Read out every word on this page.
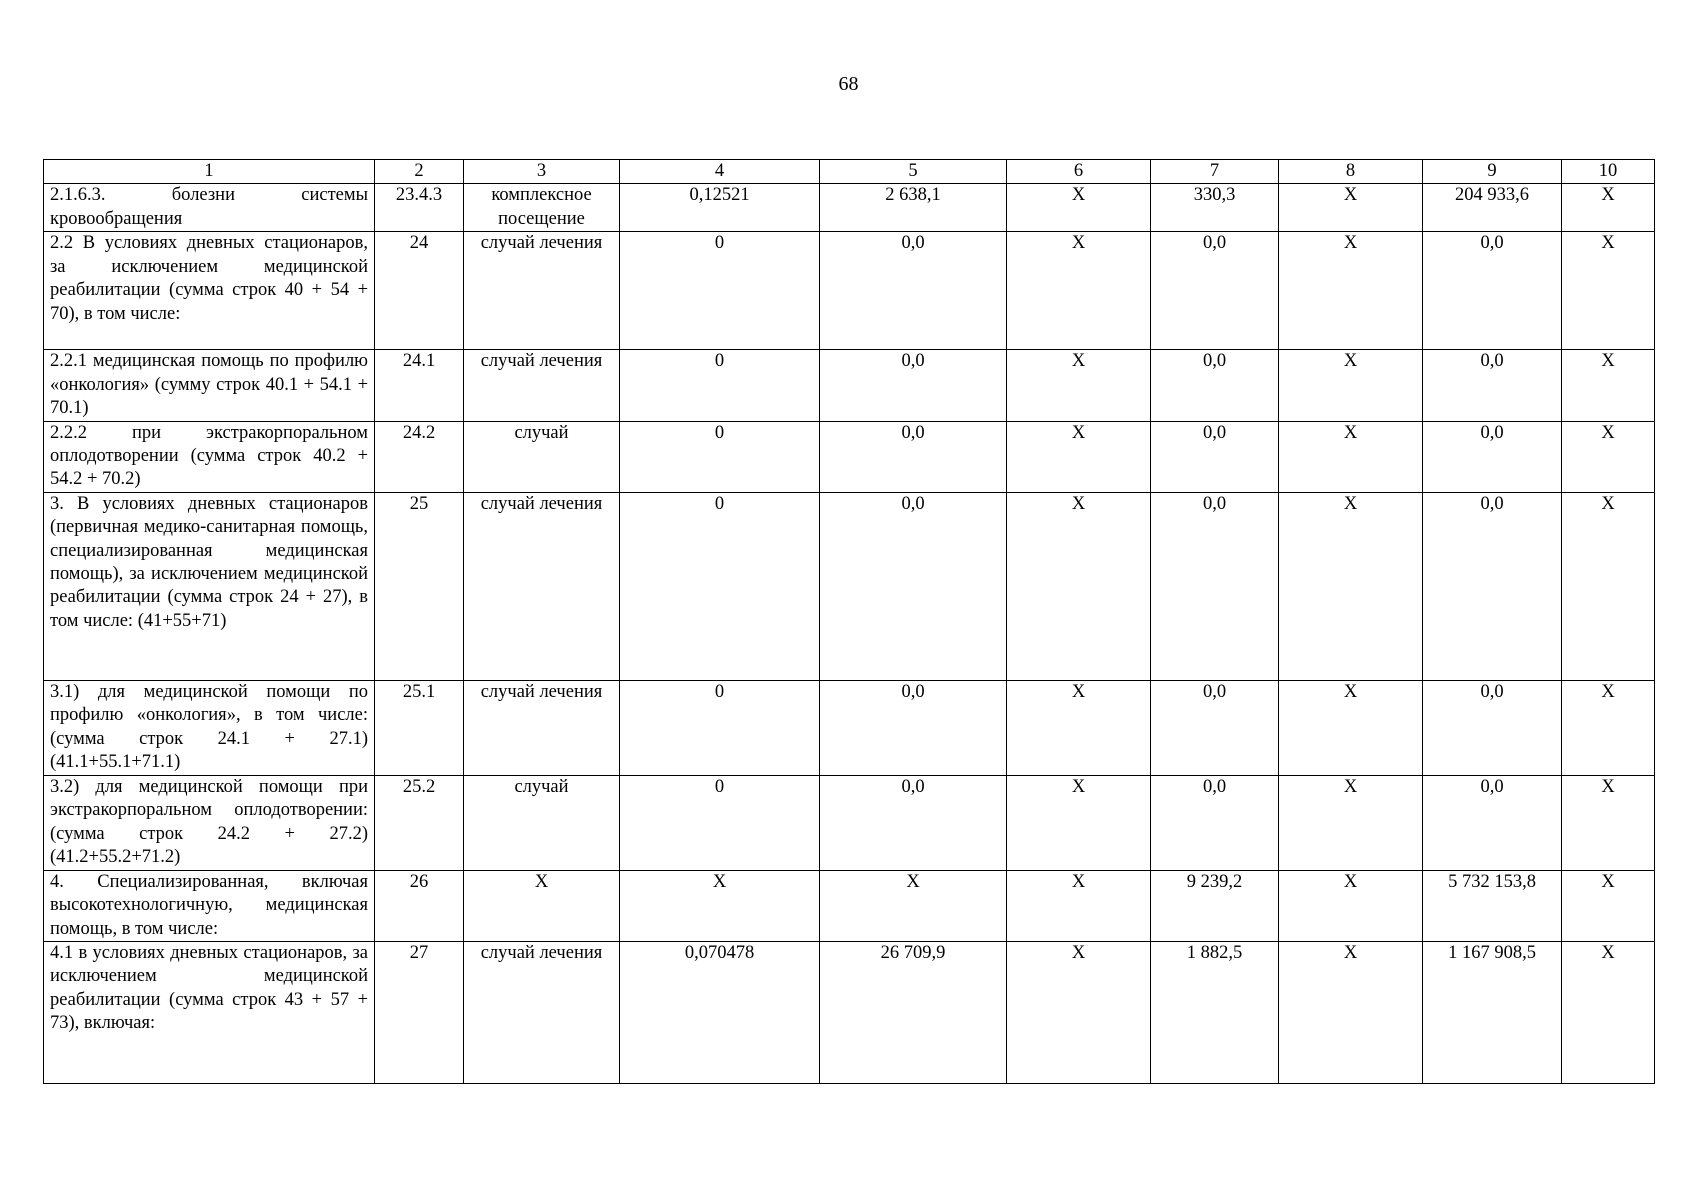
68
1	2	3	4	5	6	7	8	9	10
2.1.6.3. болезни системы кровообращения	23.4.3	комплексное посещение	0,12521	2 638,1	Х	330,3	Х	204 933,6	Х
2.2 В условиях дневных стационаров, за исключением медицинской реабилитации (сумма строк 40 + 54 + 70), в том числе:	24	случай лечения	0	0,0	Х	0,0	Х	0,0	Х
2.2.1 медицинская помощь по профилю «онкология» (сумму строк 40.1 + 54.1 + 70.1)	24.1	случай лечения	0	0,0	Х	0,0	Х	0,0	Х
2.2.2 при экстракорпоральном оплодотворении (сумма строк 40.2 + 54.2 + 70.2)	24.2	случай	0	0,0	Х	0,0	Х	0,0	Х
3. В условиях дневных стационаров (первичная медико-санитарная помощь, специализированная медицинская помощь), за исключением медицинской реабилитации (сумма строк 24 + 27), в том числе: (41+55+71)	25	случай лечения	0	0,0	Х	0,0	Х	0,0	Х
3.1) для медицинской помощи по профилю «онкология», в том числе: (сумма строк 24.1 + 27.1) (41.1+55.1+71.1)	25.1	случай лечения	0	0,0	Х	0,0	Х	0,0	Х
3.2) для медицинской помощи при экстракорпоральном оплодотворении: (сумма строк 24.2 + 27.2) (41.2+55.2+71.2)	25.2	случай	0	0,0	Х	0,0	Х	0,0	Х
4. Специализированная, включая высокотехнологичную, медицинская помощь, в том числе:	26	Х	Х	Х	Х	9 239,2	Х	5 732 153,8	Х
4.1 в условиях дневных стационаров, за исключением медицинской реабилитации (сумма строк 43 + 57 + 73), включая:	27	случай лечения	0,070478	26 709,9	Х	1 882,5	Х	1 167 908,5	Х
